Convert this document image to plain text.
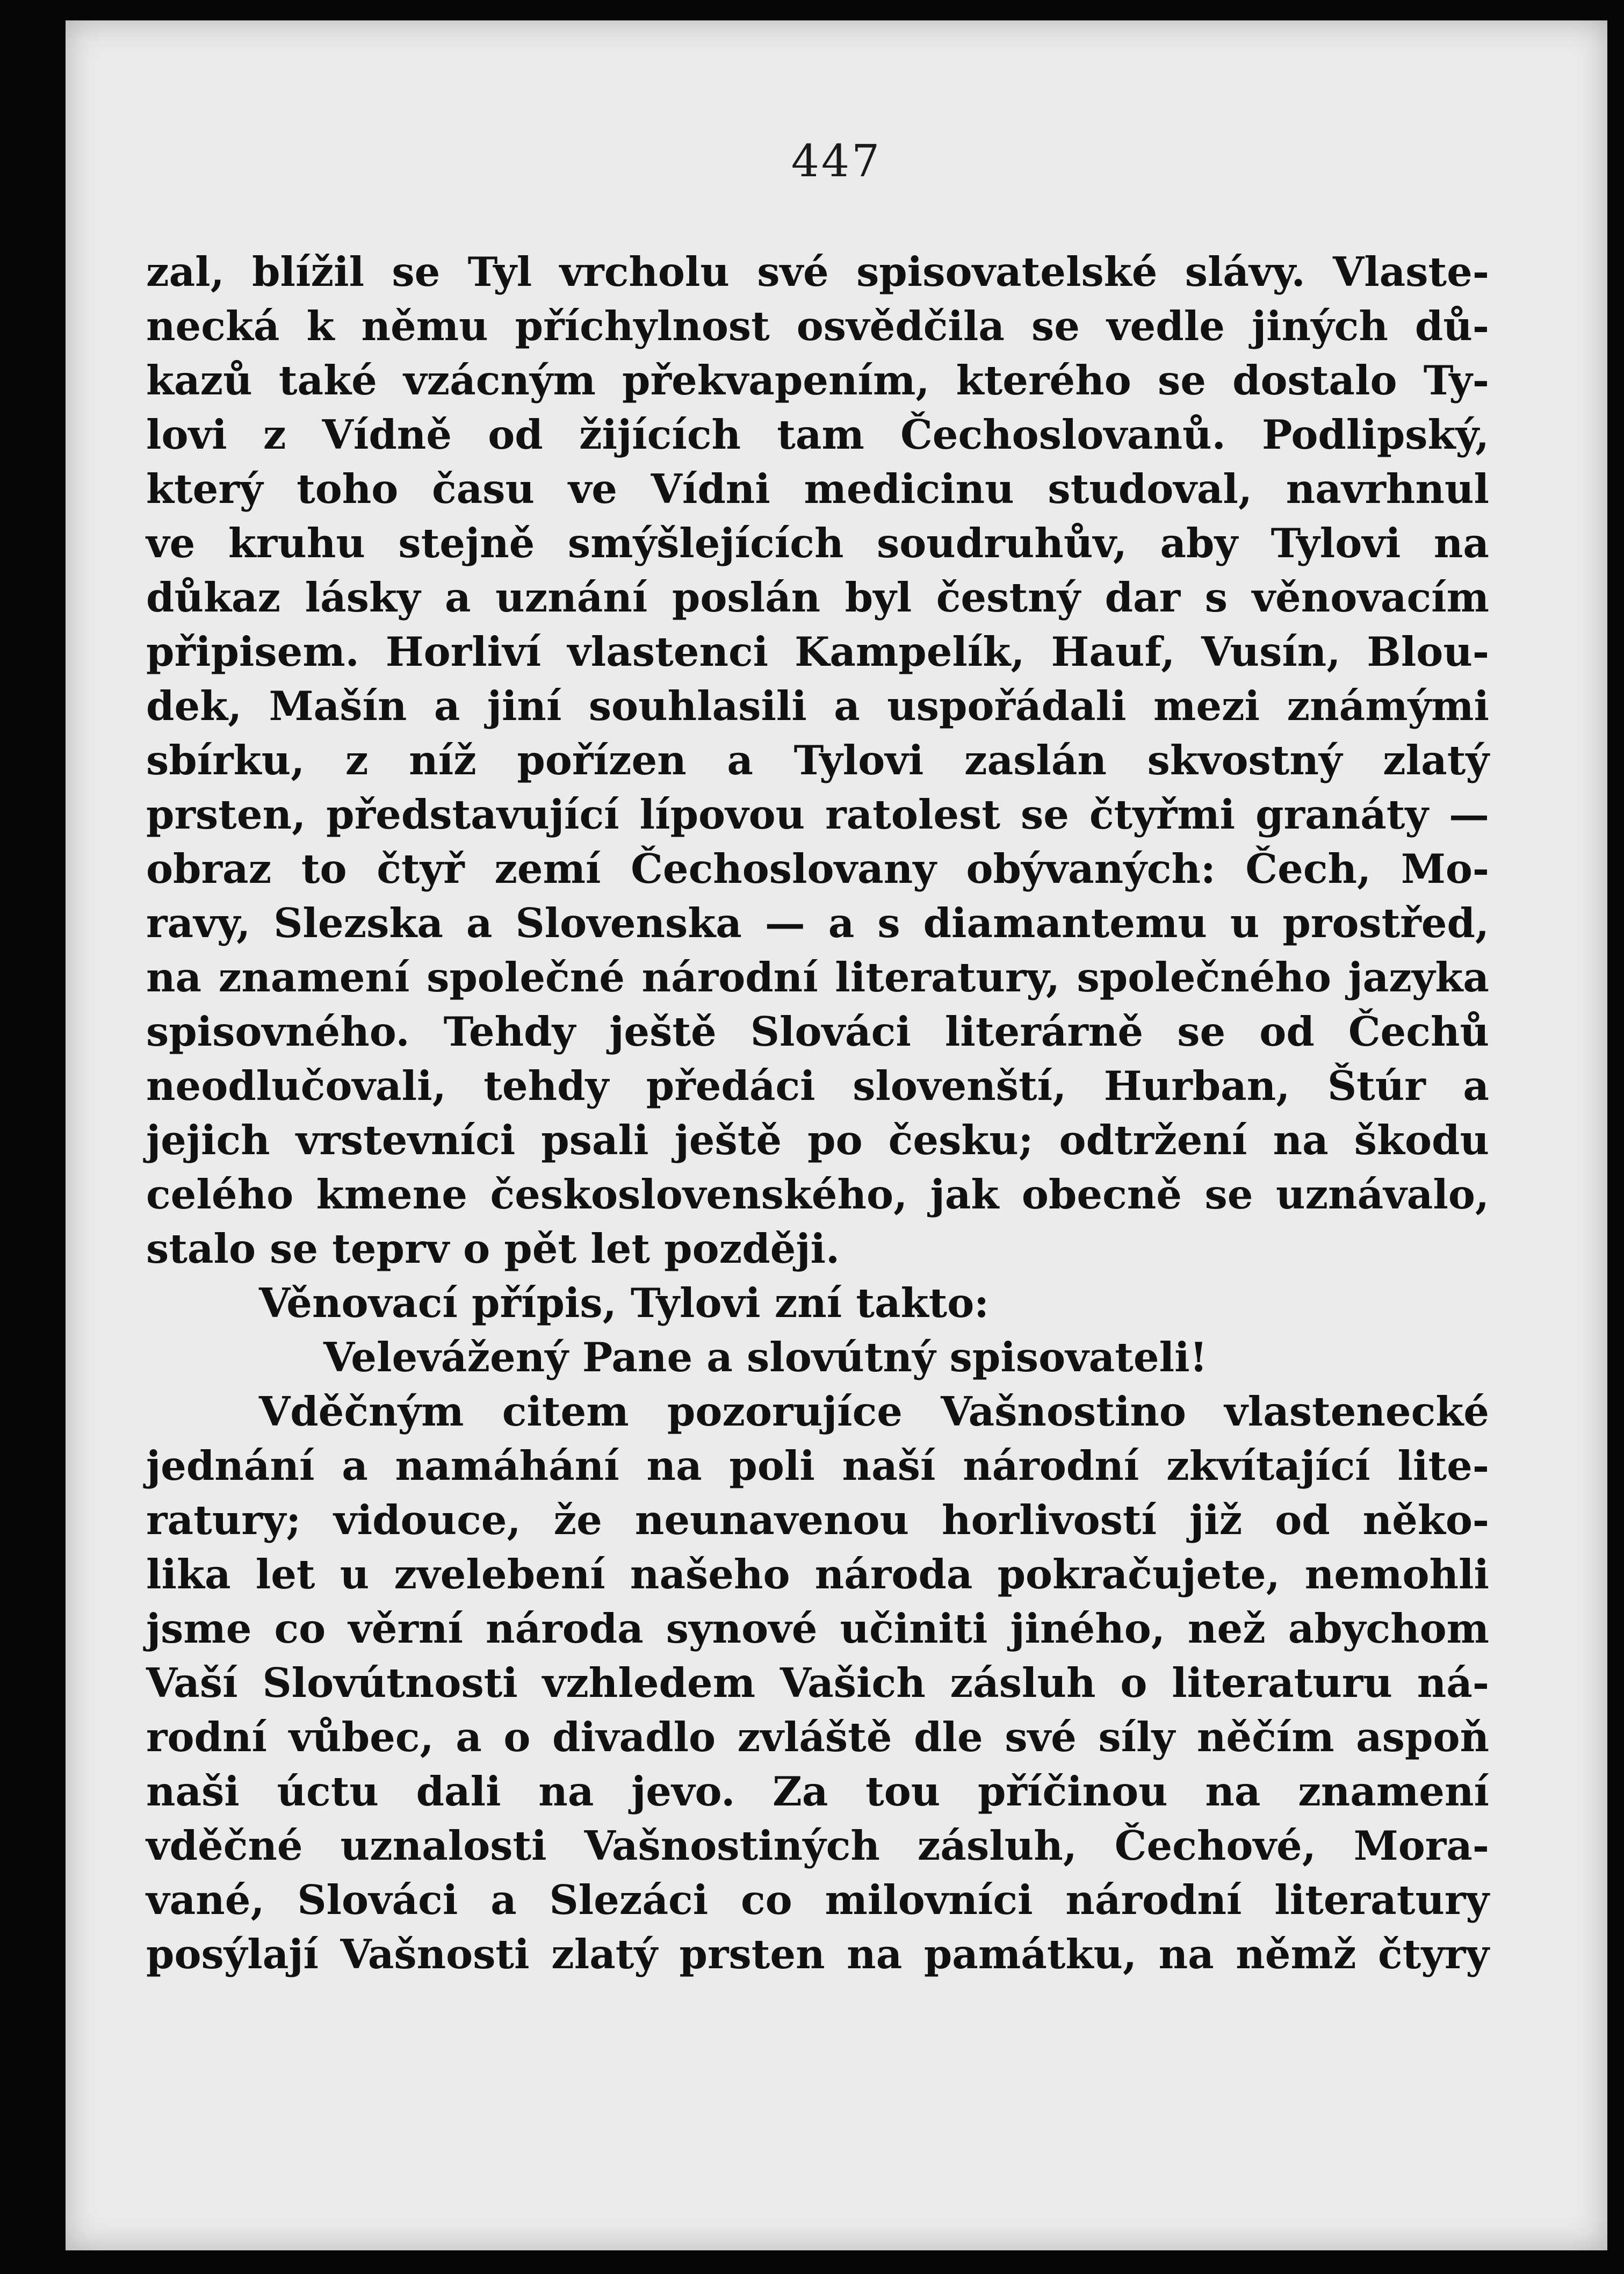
447
zal, blížil se Tyl vrcholu své spisovatelské slávy. Vlaste-
necká k němu příchylnost osvědčila se vedle jiných dů-
kazů také vzácným překvapením, kterého se dostalo Ty-
lovi z Vídně od žijících tam Čechoslovanů. Podlipský,
který toho času ve Vídni medicinu studoval, navrhnul
ve kruhu stejně smýšlejících soudruhův, aby Tylovi na
důkaz lásky a uznání poslán byl čestný dar s věnovacím
připisem. Horliví vlastenci Kampelík, Hauf, Vusín, Blou-
dek, Mašín a jiní souhlasili a uspořádali mezi známými
sbírku, z níž pořízen a Tylovi zaslán skvostný zlatý
prsten, představující lípovou ratolest se čtyřmi granáty —
obraz to čtyř zemí Čechoslovany obývaných: Čech, Mo-
ravy, Slezska a Slovenska — a s diamantemu u prostřed,
na znamení společné národní literatury, společného jazyka
spisovného. Tehdy ještě Slováci literárně se od Čechů
neodlučovali, tehdy předáci slovenští, Hurban, Štúr a
jejich vrstevníci psali ještě po česku; odtržení na škodu
celého kmene československého, jak obecně se uznávalo,
stalo se teprv o pět let později.
Věnovací přípis, Tylovi zní takto:
Velevážený Pane a slovútný spisovateli!
Vděčným citem pozorujíce Vašnostino vlastenecké
jednání a namáhání na poli naší národní zkvítající lite-
ratury; vidouce, že neunavenou horlivostí již od něko-
lika let u zvelebení našeho národa pokračujete, nemohli
jsme co věrní národa synové učiniti jiného, než abychom
Vaší Slovútnosti vzhledem Vašich zásluh o literaturu ná-
rodní vůbec, a o divadlo zvláště dle své síly něčím aspoň
naši úctu dali na jevo. Za tou příčinou na znamení
vděčné uznalosti Vašnostiných zásluh, Čechové, Mora-
vané, Slováci a Slezáci co milovníci národní literatury
posýlají Vašnosti zlatý prsten na památku, na němž čtyry
